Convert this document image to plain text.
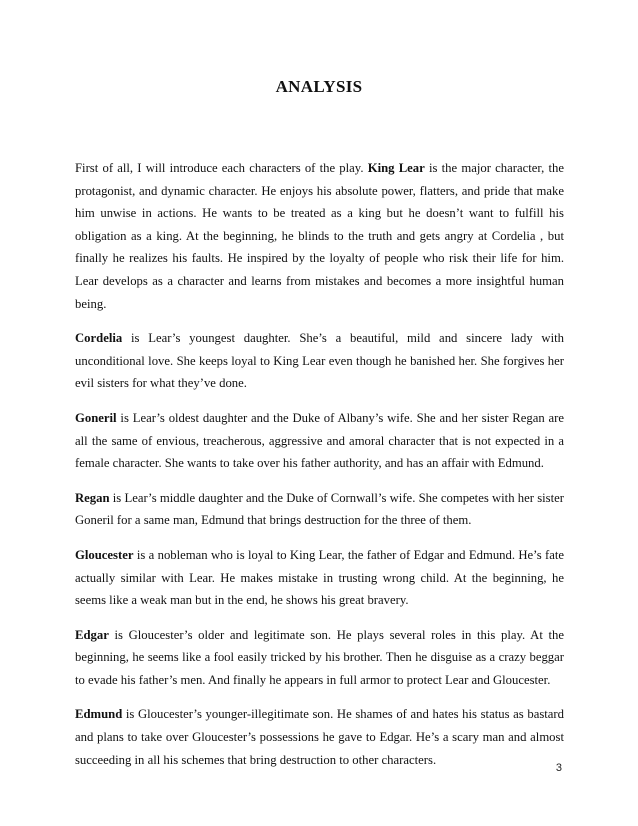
ANALYSIS

First of all, I will introduce each characters of the play. King Lear is the major character, the protagonist, and dynamic character. He enjoys his absolute power, flatters, and pride that make him unwise in actions. He wants to be treated as a king but he doesn’t want to fulfill his obligation as a king. At the beginning, he blinds to the truth and gets angry at Cordelia , but finally he realizes his faults. He inspired by the loyalty of people who risk their life for him. Lear develops as a character and learns from mistakes and becomes a more insightful human being.

Cordelia is Lear’s youngest daughter. She’s a beautiful, mild and sincere lady with unconditional love. She keeps loyal to King Lear even though he banished her. She forgives her evil sisters for what they’ve done.

Goneril is Lear’s oldest daughter and the Duke of Albany’s wife. She and her sister Regan are all the same of envious, treacherous, aggressive and amoral character that is not expected in a female character. She wants to take over his father authority, and has an affair with Edmund.

Regan is Lear’s middle daughter and the Duke of Cornwall’s wife. She competes with her sister Goneril for a same man, Edmund that brings destruction for the three of them.

Gloucester is a nobleman who is loyal to King Lear, the father of Edgar and Edmund. He’s fate actually similar with Lear. He makes mistake in trusting wrong child. At the beginning, he seems like a weak man but in the end, he shows his great bravery.

Edgar is Gloucester’s older and legitimate son. He plays several roles in this play. At the beginning, he seems like a fool easily tricked by his brother. Then he disguise as a crazy beggar to evade his father’s men. And finally he appears in full armor to protect Lear and Gloucester.

Edmund is Gloucester’s younger-illegitimate son. He shames of and hates his status as bastard and plans to take over Gloucester’s possessions he gave to Edgar. He’s a scary man and almost succeeding in all his schemes that bring destruction to other characters.

3
